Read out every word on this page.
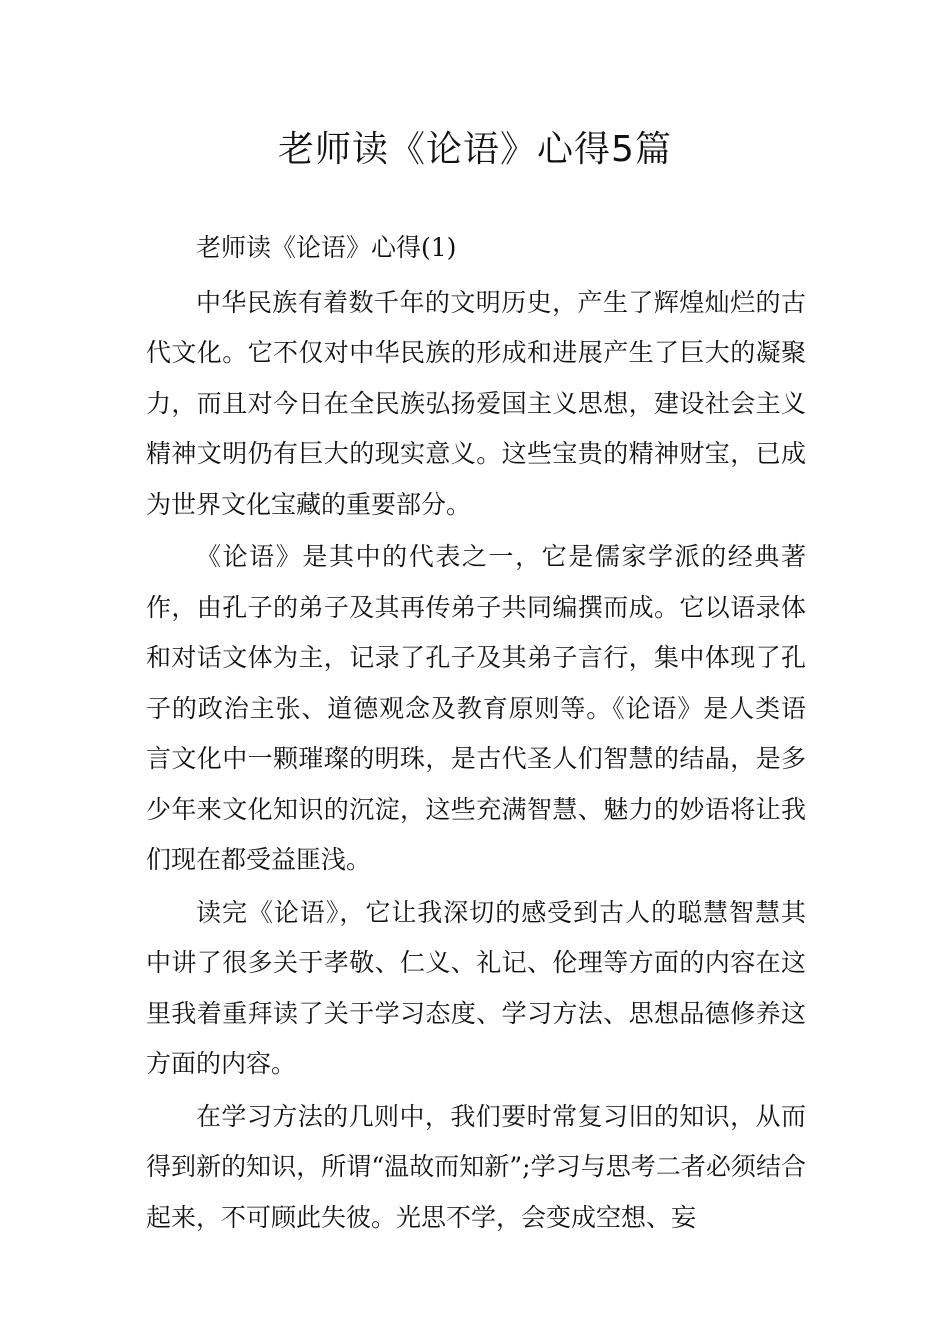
老师读《论语》心得5篇

老师读《论语》心得(1)

中华民族有着数千年的文明历史，产生了辉煌灿烂的古代文化。它不仅对中华民族的形成和进展产生了巨大的凝聚力，而且对今日在全民族弘扬爱国主义思想，建设社会主义精神文明仍有巨大的现实意义。这些宝贵的精神财宝，已成为世界文化宝藏的重要部分。

《论语》是其中的代表之一，它是儒家学派的经典著作，由孔子的弟子及其再传弟子共同编撰而成。它以语录体和对话文体为主，记录了孔子及其弟子言行，集中体现了孔子的政治主张、道德观念及教育原则等。《论语》是人类语言文化中一颗璀璨的明珠，是古代圣人们智慧的结晶，是多少年来文化知识的沉淀，这些充满智慧、魅力的妙语将让我们现在都受益匪浅。

读完《论语》，它让我深切的感受到古人的聪慧智慧其中讲了很多关于孝敬、仁义、礼记、伦理等方面的内容在这里我着重拜读了关于学习态度、学习方法、思想品德修养这方面的内容。

在学习方法的几则中，我们要时常复习旧的知识，从而得到新的知识，所谓“温故而知新”;学习与思考二者必须结合起来，不可顾此失彼。光思不学，会变成空想、妄
